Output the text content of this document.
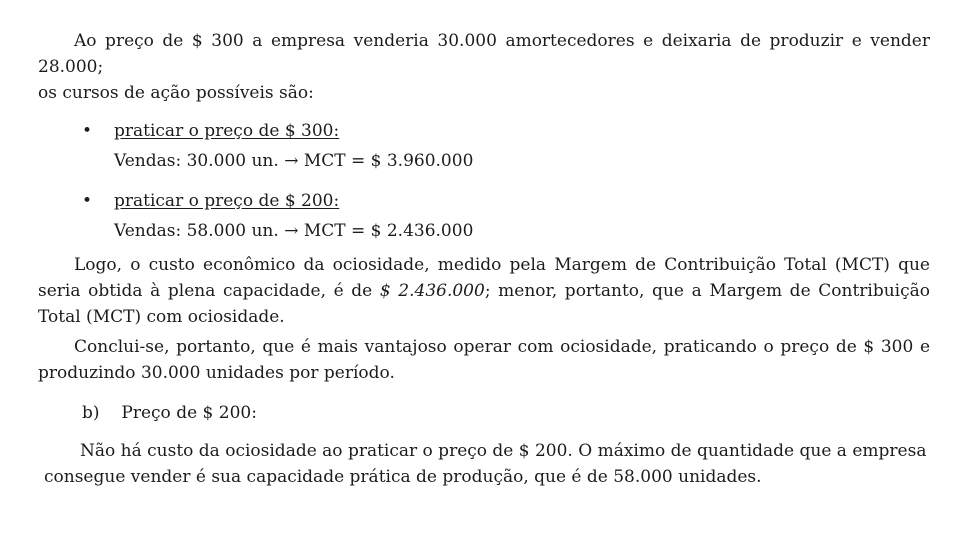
Ao preço de $ 300 a empresa venderia 30.000 amortecedores e deixaria de produzir e vender 28.000;
os cursos de ação possíveis são:

• praticar o preço de $ 300:
Vendas: 30.000 un. → MCT = $ 3.960.000
• praticar o preço de $ 200:
Vendas: 58.000 un. → MCT = $ 2.436.000

Logo, o custo econômico da ociosidade, medido pela Margem de Contribuição Total (MCT) que seria obtida à plena capacidade, é de $ 2.436.000; menor, portanto, que a Margem de Contribuição Total (MCT) com ociosidade.

Conclui-se, portanto, que é mais vantajoso operar com ociosidade, praticando o preço de $ 300 e produzindo 30.000 unidades por período.

b) Preço de $ 200:
Não há custo da ociosidade ao praticar o preço de $ 200. O máximo de quantidade que a empresa
consegue vender é sua capacidade prática de produção, que é de 58.000 unidades.
